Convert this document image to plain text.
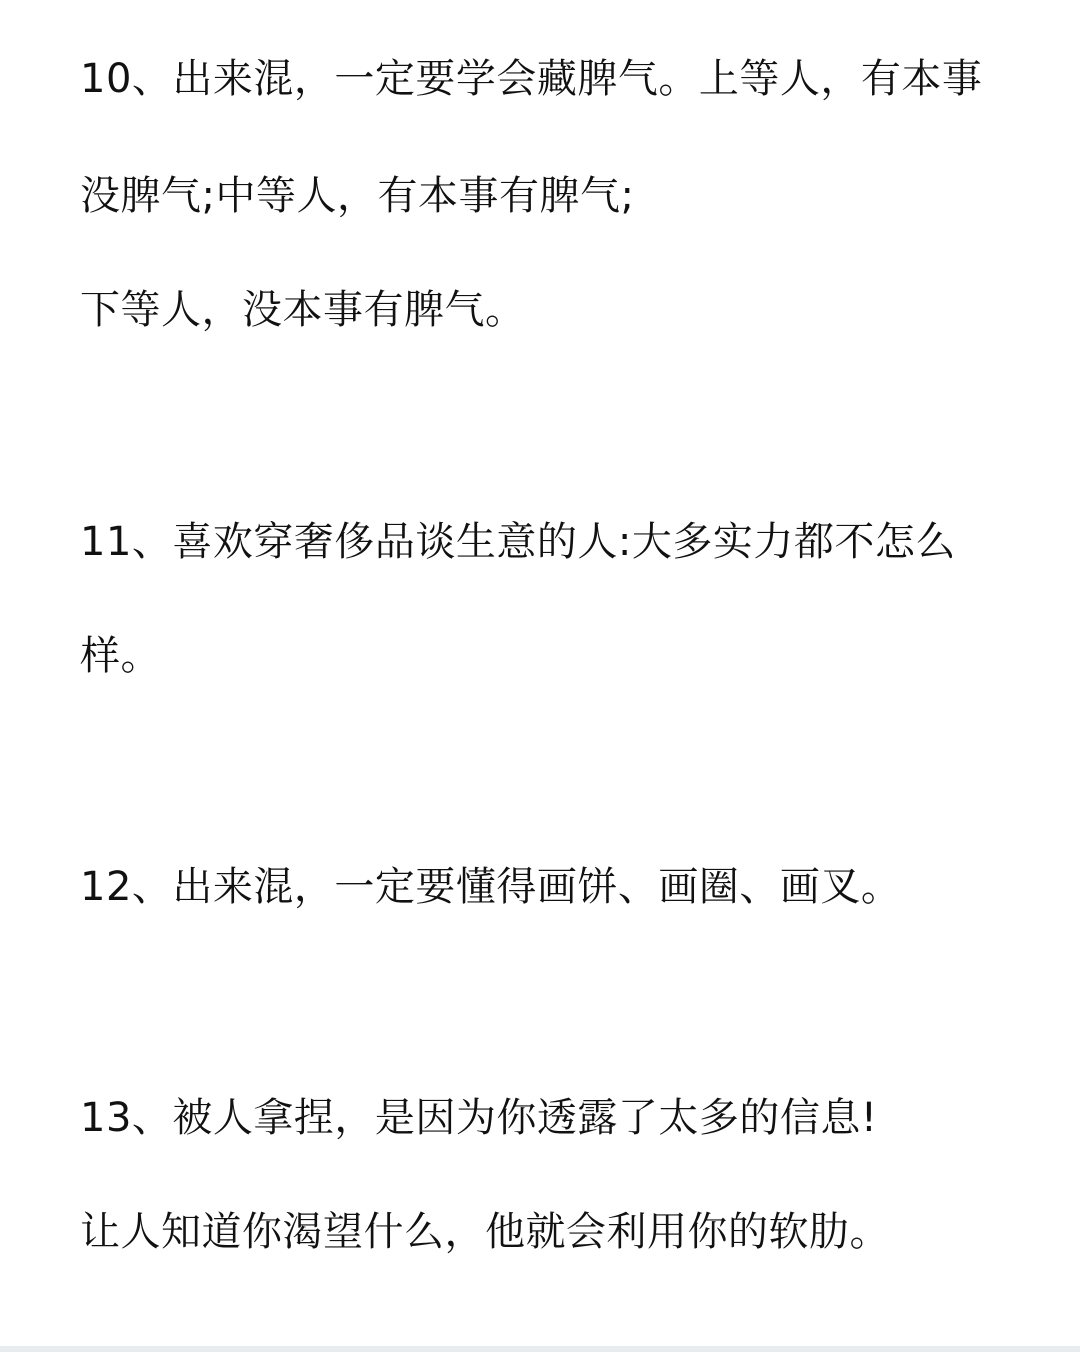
10、出来混，一定要学会藏脾气。上等人，有本事
没脾气;中等人，有本事有脾气;
下等人，没本事有脾气。
11、喜欢穿奢侈品谈生意的人:大多实力都不怎么
样。
12、出来混，一定要懂得画饼、画圈、画叉。
13、被人拿捏，是因为你透露了太多的信息!
让人知道你渴望什么，他就会利用你的软肋。
